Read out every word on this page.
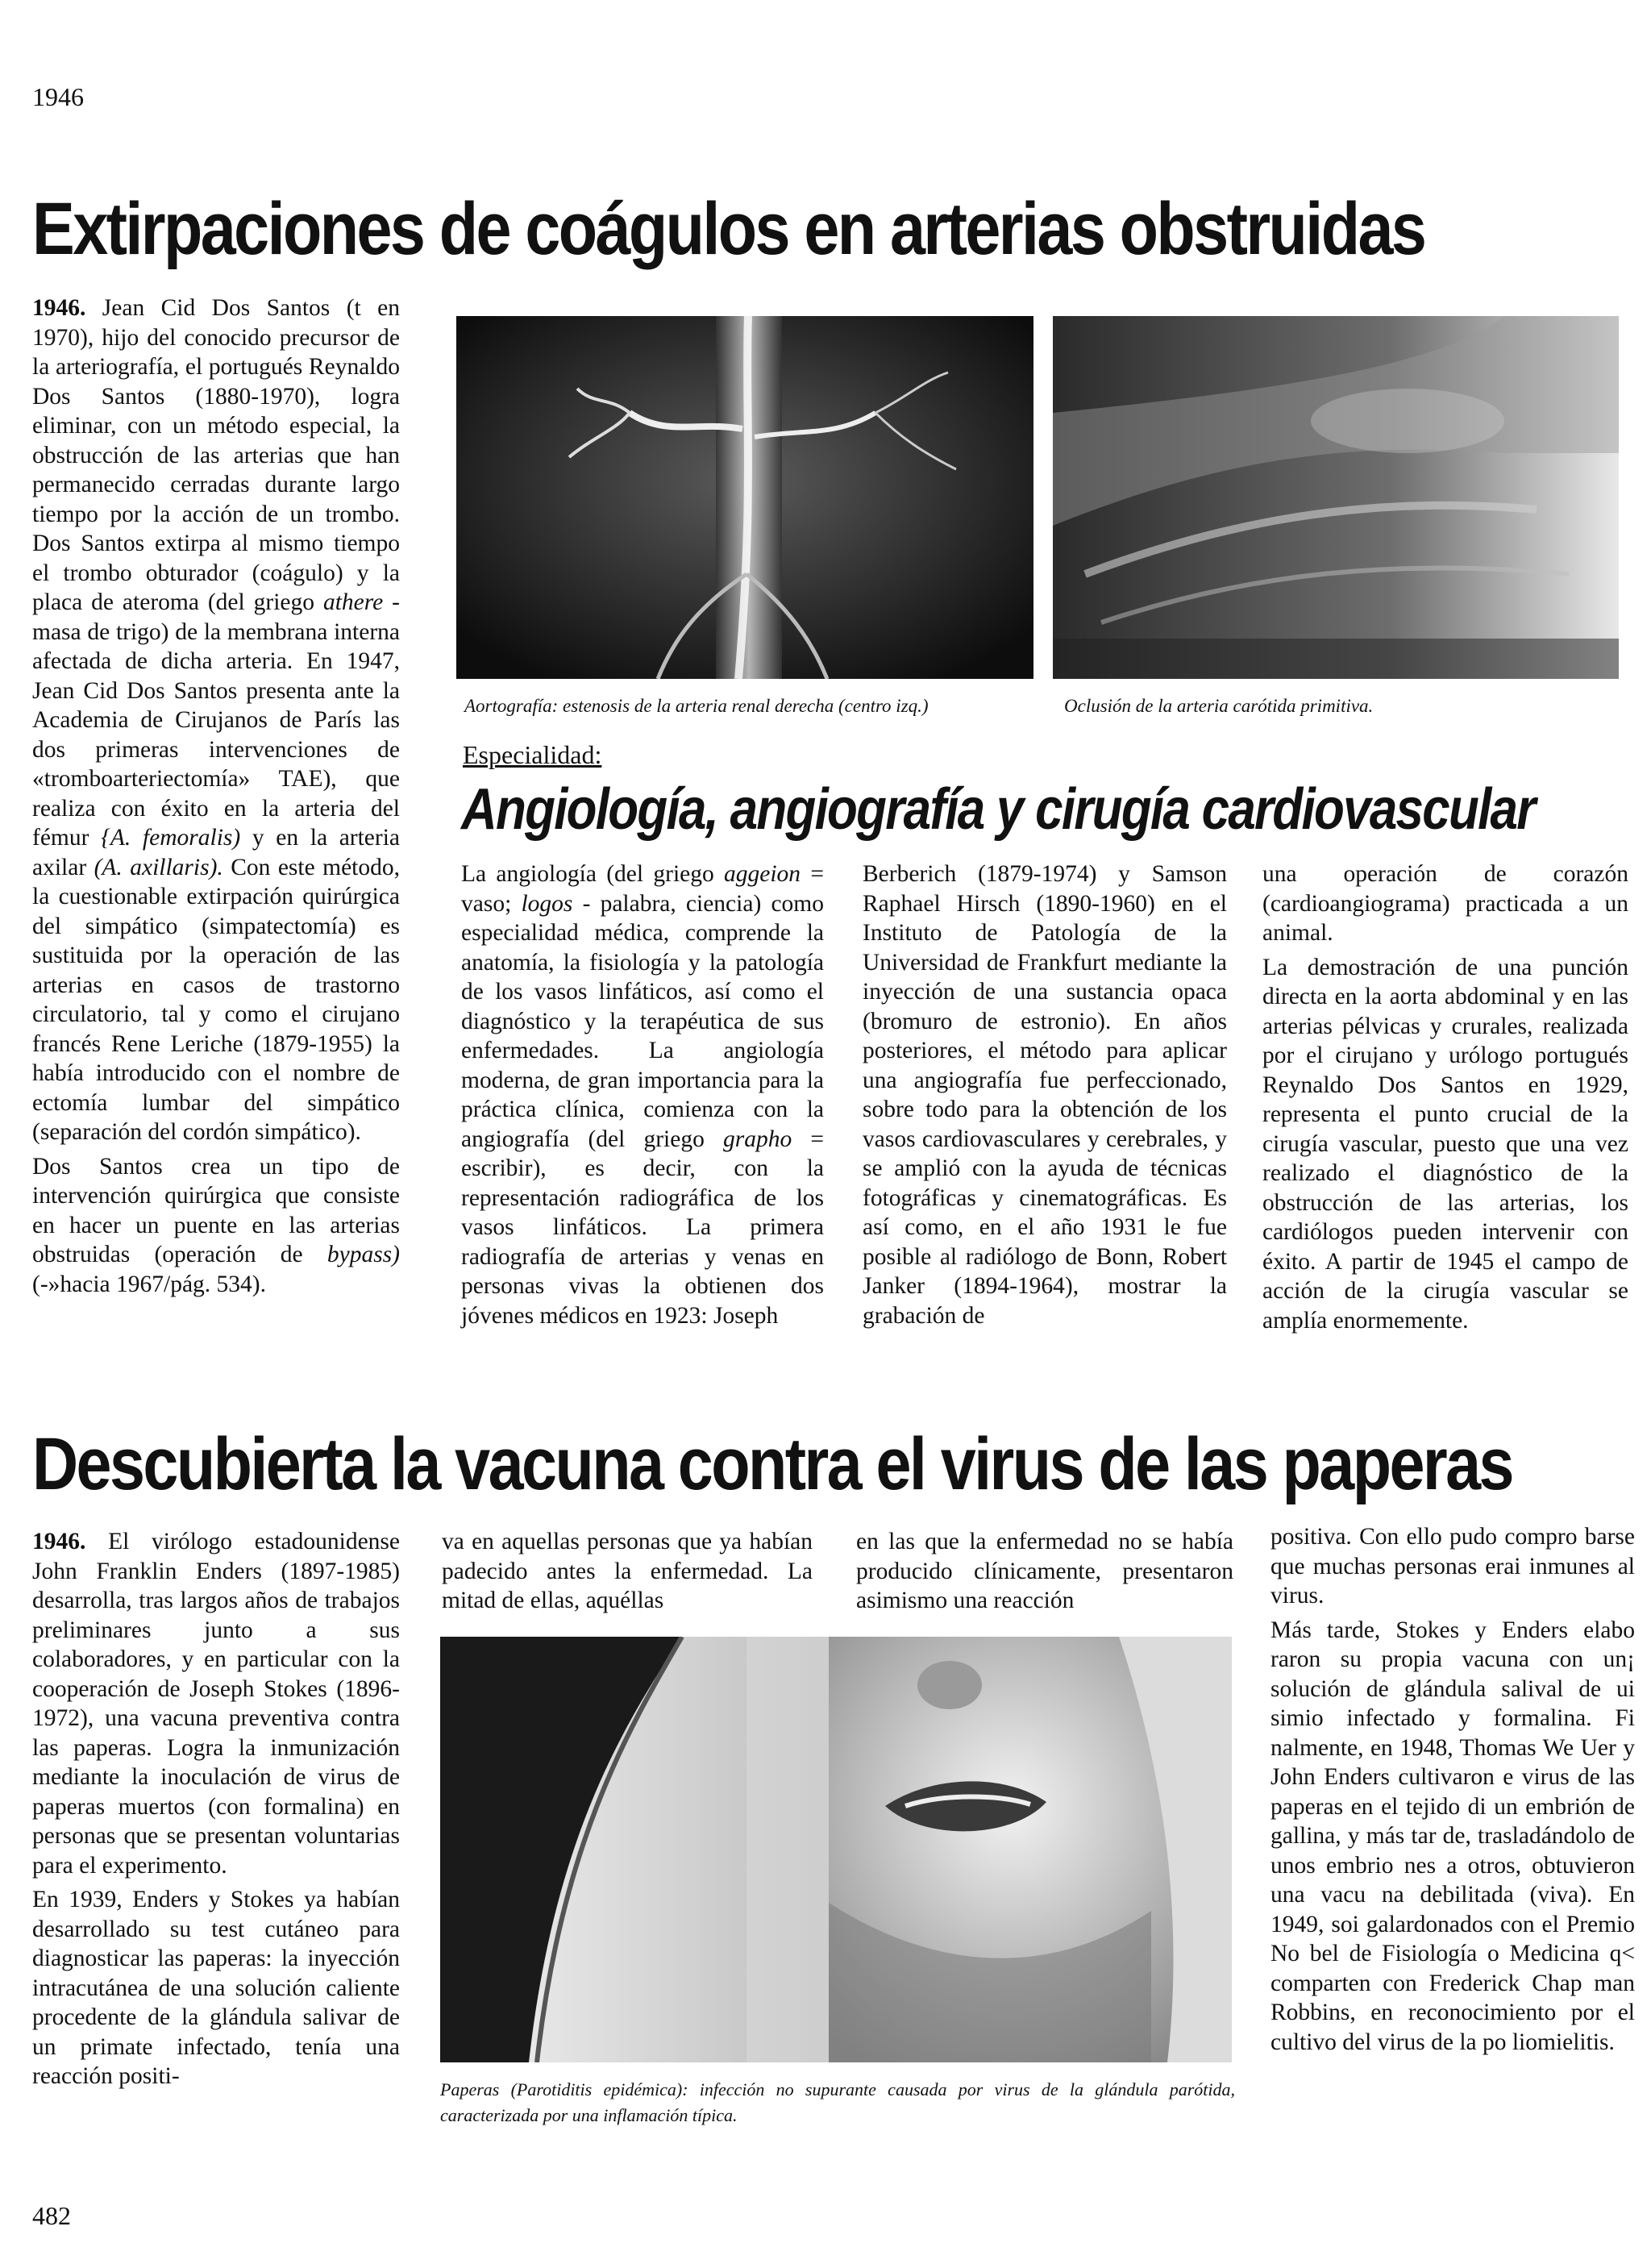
1946
Extirpaciones de coágulos en arterias obstruidas

1946. Jean Cid Dos Santos (t en 1970), hijo del conocido precursor de la arteriografía, el portugués Reynaldo Dos Santos (1880-1970), logra eliminar, con un método especial, la obstrucción de las arterias que han permanecido cerradas durante largo tiempo por la acción de un trombo. Dos Santos extirpa al mismo tiempo el trombo obturador (coágulo) y la placa de ateroma (del griego athere - masa de trigo) de la membrana interna afectada de dicha arteria. En 1947, Jean Cid Dos Santos presenta ante la Academia de Cirujanos de París las dos primeras intervenciones de «tromboarteriectomía» TAE), que realiza con éxito en la arteria del fémur {A. femoralis) y en la arteria axilar (A. axillaris). Con este método, la cuestionable extirpación quirúrgica del simpático (simpatectomía) es sustituida por la operación de las arterias en casos de trastorno circulatorio, tal y como el cirujano francés Rene Leriche (1879-1955) la había introducido con el nombre de ectomía lumbar del simpático (separación del cordón simpático).

Dos Santos crea un tipo de intervención quirúrgica que consiste en hacer un puente en las arterias obstruidas (operación de bypass) (-»hacia 1967/pág. 534).

Aortografía: estenosis de la arteria renal derecha (centro izq.)	Oclusión de la arteria carótida primitiva.
Especialidad:
Angiología, angiografía y cirugía cardiovascular

La angiología (del griego aggeion = vaso; logos - palabra, ciencia) como especialidad médica, comprende la anatomía, la fisiología y la patología de los vasos linfáticos, así como el diagnóstico y la terapéutica de sus enfermedades. La angiología moderna, de gran importancia para la práctica clínica, comienza con la angiografía (del griego grapho = escribir), es decir, con la representación radiográfica de los vasos linfáticos. La primera radiografía de arterias y venas en personas vivas la obtienen dos jóvenes médicos en 1923: Joseph

Berberich (1879-1974) y Samson Raphael Hirsch (1890-1960) en el Instituto de Patología de la Universidad de Frankfurt mediante la inyección de una sustancia opaca (bromuro de estronio). En años posteriores, el método para aplicar una angiografía fue perfeccionado, sobre todo para la obtención de los vasos cardiovasculares y cerebrales, y se amplió con la ayuda de técnicas fotográficas y cinematográficas. Es así como, en el año 1931 le fue posible al radiólogo de Bonn, Robert Janker (1894-1964), mostrar la grabación de

una operación de corazón (cardioangiograma) practicada a un animal.

La demostración de una punción directa en la aorta abdominal y en las arterias pélvicas y crurales, realizada por el cirujano y urólogo portugués Reynaldo Dos Santos en 1929, representa el punto crucial de la cirugía vascular, puesto que una vez realizado el diagnóstico de la obstrucción de las arterias, los cardiólogos pueden intervenir con éxito. A partir de 1945 el campo de acción de la cirugía vascular se amplía enormemente.

Descubierta la vacuna contra el virus de las paperas

1946. El virólogo estadounidense John Franklin Enders (1897-1985) desarrolla, tras largos años de trabajos preliminares junto a sus colaboradores, y en particular con la cooperación de Joseph Stokes (1896-1972), una vacuna preventiva contra las paperas. Logra la inmunización mediante la inoculación de virus de paperas muertos (con formalina) en personas que se presentan voluntarias para el experimento.

En 1939, Enders y Stokes ya habían desarrollado su test cutáneo para diagnosticar las paperas: la inyección intracutánea de una solución caliente procedente de la glándula salivar de un primate infectado, tenía una reacción positi-

va en aquellas personas que ya habían padecido antes la enfermedad. La mitad de ellas, aquéllas

en las que la enfermedad no se había producido clínicamente, presentaron asimismo una reacción

Paperas (Parotiditis epidémica): infección no supurante causada por virus de la glándula parótida, caracterizada por una inflamación típica.

positiva. Con ello pudo compro barse que muchas personas erai inmunes al virus.

Más tarde, Stokes y Enders elabo raron su propia vacuna con un¡ solución de glándula salival de ui simio infectado y formalina. Fi nalmente, en 1948, Thomas We Uer y John Enders cultivaron e virus de las paperas en el tejido di un embrión de gallina, y más tar de, trasladándolo de unos embrio nes a otros, obtuvieron una vacu na debilitada (viva). En 1949, soi galardonados con el Premio No bel de Fisiología o Medicina q< comparten con Frederick Chap man Robbins, en reconocimiento por el cultivo del virus de la po liomielitis.

482
